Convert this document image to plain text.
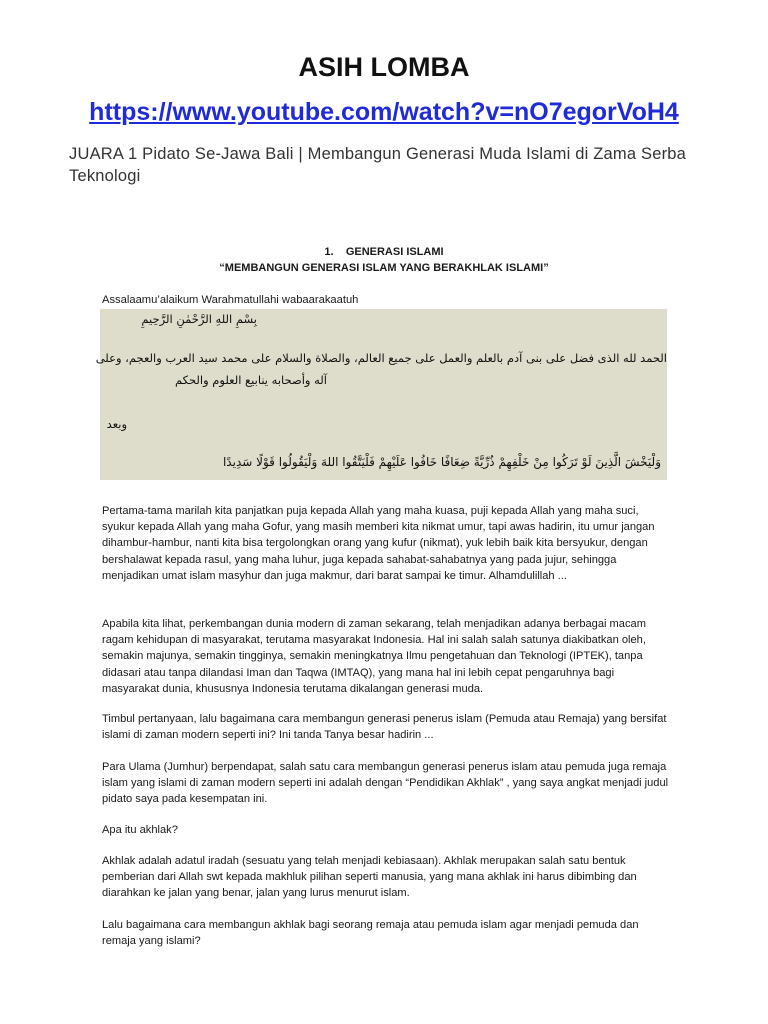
ASIH LOMBA
https://www.youtube.com/watch?v=nO7egorVoH4
JUARA 1 Pidato Se-Jawa Bali | Membangun Generasi Muda Islami di Zama Serba Teknologi
1. GENERASI ISLAMI
“MEMBANGUN GENERASI ISLAM YANG BERAKHLAK ISLAMI”
Assalaamu’alaikum Warahmatullahi wabaarakaatuh
بِسْمِ اللهِ الرَّحْمٰنِ الرَّحِيمِ
الحمد لله الذى فضل على بنى آدم بالعلم والعمل على جميع العالم، والصلاة والسلام على محمد سيد العرب والعجم، وعلى
آله وأصحابه ينابيع العلوم والحكم
وبعد
وَلْيَخْشَ الَّذِينَ لَوْ تَرَكُوا مِنْ خَلْفِهِمْ ذُرِّيَّةً ضِعَافًا خَافُوا عَلَيْهِمْ فَلْيَتَّقُوا اللهَ وَلْيَقُولُوا قَوْلًا سَدِيدًا

Pertama-tama marilah kita panjatkan puja kepada Allah yang maha kuasa, puji kepada Allah yang maha suci, syukur kepada Allah yang maha Gofur, yang masih memberi kita nikmat umur, tapi awas hadirin, itu umur jangan dihambur-hambur, nanti kita bisa tergolongkan orang yang kufur (nikmat), yuk lebih baik kita bersyukur, dengan bershalawat kepada rasul, yang maha luhur, juga kepada sahabat-sahabatnya yang pada jujur, sehingga menjadikan umat islam masyhur dan juga makmur, dari barat sampai ke timur. Alhamdulillah ...

Apabila kita lihat, perkembangan dunia modern di zaman sekarang, telah menjadikan adanya berbagai macam ragam kehidupan di masyarakat, terutama masyarakat Indonesia. Hal ini salah salah satunya diakibatkan oleh, semakin majunya, semakin tingginya, semakin meningkatnya Ilmu pengetahuan dan Teknologi (IPTEK), tanpa didasari atau tanpa dilandasi Iman dan Taqwa (IMTAQ), yang mana hal ini lebih cepat pengaruhnya bagi masyarakat dunia, khususnya Indonesia terutama dikalangan generasi muda.

Timbul pertanyaan, lalu bagaimana cara membangun generasi penerus islam (Pemuda atau Remaja) yang bersifat islami di zaman modern seperti ini? Ini tanda Tanya besar hadirin ...

Para Ulama (Jumhur) berpendapat, salah satu cara membangun generasi penerus islam atau pemuda juga remaja islam yang islami di zaman modern seperti ini adalah dengan “Pendidikan Akhlak” , yang saya angkat menjadi judul pidato saya pada kesempatan ini.

Apa itu akhlak?

Akhlak adalah adatul iradah (sesuatu yang telah menjadi kebiasaan). Akhlak merupakan salah satu bentuk pemberian dari Allah swt kepada makhluk pilihan seperti manusia, yang mana akhlak ini harus dibimbing dan diarahkan ke jalan yang benar, jalan yang lurus menurut islam.

Lalu bagaimana cara membangun akhlak bagi seorang remaja atau pemuda islam agar menjadi pemuda dan remaja yang islami?
